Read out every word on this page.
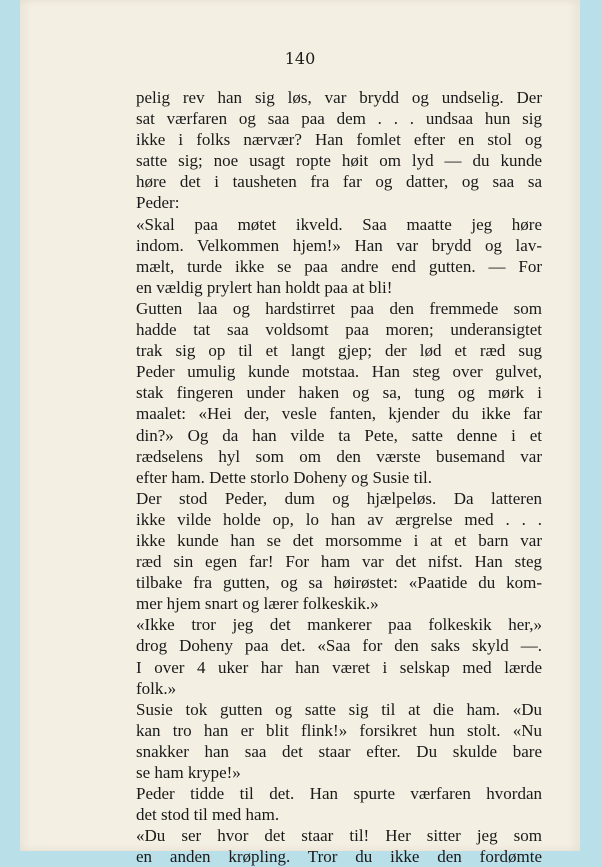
140
pelig rev han sig løs, var brydd og undselig. Der
sat værfaren og saa paa dem . . . undsaa hun sig
ikke i folks nærvær? Han fomlet efter en stol og
satte sig; noe usagt ropte høit om lyd — du kunde
høre det i tausheten fra far og datter, og saa sa
Peder:
«Skal paa møtet ikveld. Saa maatte jeg høre
indom. Velkommen hjem!» Han var brydd og lav-
mælt, turde ikke se paa andre end gutten. — For
en vældig prylert han holdt paa at bli!
Gutten laa og hardstirret paa den fremmede som
hadde tat saa voldsomt paa moren; underansigtet
trak sig op til et langt gjep; der lød et ræd sug
Peder umulig kunde motstaa. Han steg over gulvet,
stak fingeren under haken og sa, tung og mørk i
maalet: «Hei der, vesle fanten, kjender du ikke far
din?» Og da han vilde ta Pete, satte denne i et
rædselens hyl som om den værste busemand var
efter ham. Dette storlo Doheny og Susie til.
Der stod Peder, dum og hjælpeløs. Da latteren
ikke vilde holde op, lo han av ærgrelse med . . .
ikke kunde han se det morsomme i at et barn var
ræd sin egen far! For ham var det nifst. Han steg
tilbake fra gutten, og sa høirøstet: «Paatide du kom-
mer hjem snart og lærer folkeskik.»
«Ikke tror jeg det mankerer paa folkeskik her,»
drog Doheny paa det. «Saa for den saks skyld —.
I over 4 uker har han været i selskap med lærde
folk.»
Susie tok gutten og satte sig til at die ham. «Du
kan tro han er blit flink!» forsikret hun stolt. «Nu
snakker han saa det staar efter. Du skulde bare
se ham krype!»
Peder tidde til det. Han spurte værfaren hvordan
det stod til med ham.
«Du ser hvor det staar til! Her sitter jeg som
en anden krøpling. Tror du ikke den fordømte
